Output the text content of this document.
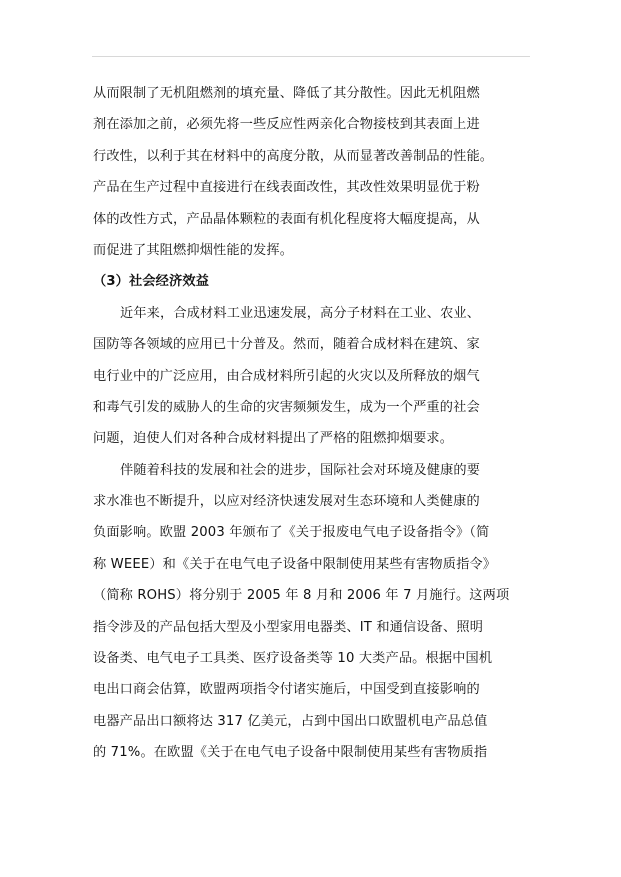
从而限制了无机阻燃剂的填充量、降低了其分散性。因此无机阻燃
剂在添加之前，必须先将一些反应性两亲化合物接枝到其表面上进
行改性，以利于其在材料中的高度分散，从而显著改善制品的性能。
产品在生产过程中直接进行在线表面改性，其改性效果明显优于粉
体的改性方式，产品晶体颗粒的表面有机化程度将大幅度提高，从
而促进了其阻燃抑烟性能的发挥。
（3）社会经济效益
近年来，合成材料工业迅速发展，高分子材料在工业、农业、
国防等各领域的应用已十分普及。然而，随着合成材料在建筑、家
电行业中的广泛应用，由合成材料所引起的火灾以及所释放的烟气
和毒气引发的威胁人的生命的灾害频频发生，成为一个严重的社会
问题，迫使人们对各种合成材料提出了严格的阻燃抑烟要求。
伴随着科技的发展和社会的进步，国际社会对环境及健康的要
求水准也不断提升，以应对经济快速发展对生态环境和人类健康的
负面影响。欧盟 2003 年颁布了《关于报废电气电子设备指令》（简
称 WEEE）和《关于在电气电子设备中限制使用某些有害物质指令》
（简称 ROHS）将分别于 2005 年 8 月和 2006 年 7 月施行。这两项
指令涉及的产品包括大型及小型家用电器类、IT 和通信设备、照明
设备类、电气电子工具类、医疗设备类等 10 大类产品。根据中国机
电出口商会估算，欧盟两项指令付诸实施后，中国受到直接影响的
电器产品出口额将达 317 亿美元，占到中国出口欧盟机电产品总值
的 71%。在欧盟《关于在电气电子设备中限制使用某些有害物质指
